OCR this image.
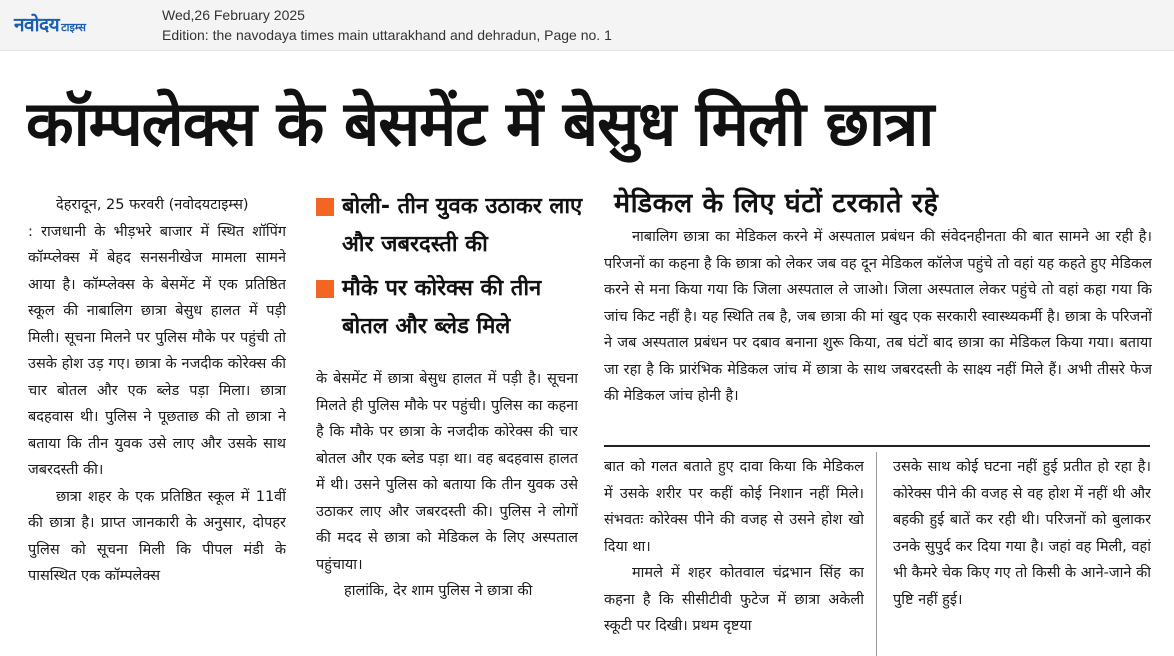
नवोदय टाइम्स
Wed,26 February 2025
Edition: the navodaya times main uttarakhand and dehradun, Page no. 1
कॉम्पलेक्स के बेसमेंट में बेसुध मिली छात्रा

देहरादून, 25 फरवरी (नवोदयटाइम्स)

: राजधानी के भीड़भरे बाजार में स्थित शॉपिंग कॉम्प्लेक्स में बेहद सनसनीखेज मामला सामने आया है। कॉम्प्लेक्स के बेसमेंट में एक प्रतिष्ठित स्कूल की नाबालिग छात्रा बेसुध हालत में पड़ी मिली। सूचना मिलने पर पुलिस मौके पर पहुंची तो उसके होश उड़ गए। छात्रा के नजदीक कोरेक्स की चार बोतल और एक ब्लेड पड़ा मिला। छात्रा बदहवास थी। पुलिस ने पूछताछ की तो छात्रा ने बताया कि तीन युवक उसे लाए और उसके साथ जबरदस्ती की।

छात्रा शहर के एक प्रतिष्ठित स्कूल में 11वीं की छात्रा है। प्राप्त जानकारी के अनुसार, दोपहर पुलिस को सूचना मिली कि पीपल मंडी के पासस्थित एक कॉम्पलेक्स

बोली- तीन युवक उठाकर लाए और जबरदस्ती की
मौके पर कोरेक्स की तीन बोतल और ब्लेड मिले

के बेसमेंट में छात्रा बेसुध हालत में पड़ी है। सूचना मिलते ही पुलिस मौके पर पहुंची। पुलिस का कहना है कि मौके पर छात्रा के नजदीक कोरेक्स की चार बोतल और एक ब्लेड पड़ा था। वह बदहवास हालत में थी। उसने पुलिस को बताया कि तीन युवक उसे उठाकर लाए और जबरदस्ती की। पुलिस ने लोगों की मदद से छात्रा को मेडिकल के लिए अस्पताल पहुंचाया।

हालांकि, देर शाम पुलिस ने छात्रा की

मेडिकल के लिए घंटों टरकाते रहे

नाबालिग छात्रा का मेडिकल करने में अस्पताल प्रबंधन की संवेदनहीनता की बात सामने आ रही है। परिजनों का कहना है कि छात्रा को लेकर जब वह दून मेडिकल कॉलेज पहुंचे तो वहां यह कहते हुए मेडिकल करने से मना किया गया कि जिला अस्पताल ले जाओ। जिला अस्पताल लेकर पहुंचे तो वहां कहा गया कि जांच किट नहीं है। यह स्थिति तब है, जब छात्रा की मां खुद एक सरकारी स्वास्थ्यकर्मी है। छात्रा के परिजनों ने जब अस्पताल प्रबंधन पर दबाव बनाना शुरू किया, तब घंटों बाद छात्रा का मेडिकल किया गया। बताया जा रहा है कि प्रारंभिक मेडिकल जांच में छात्रा के साथ जबरदस्ती के साक्ष्य नहीं मिले हैं। अभी तीसरे फेज की मेडिकल जांच होनी है।

बात को गलत बताते हुए दावा किया कि मेडिकल में उसके शरीर पर कहीं कोई निशान नहीं मिले। संभवतः कोरेक्स पीने की वजह से उसने होश खो दिया था।

मामले में शहर कोतवाल चंद्रभान सिंह का कहना है कि सीसीटीवी फुटेज में छात्रा अकेली स्कूटी पर दिखी। प्रथम दृष्टया

उसके साथ कोई घटना नहीं हुई प्रतीत हो रहा है। कोरेक्स पीने की वजह से वह होश में नहीं थी और बहकी हुई बातें कर रही थी। परिजनों को बुलाकर उनके सुपुर्द कर दिया गया है। जहां वह मिली, वहां भी कैमरे चेक किए गए तो किसी के आने-जाने की पुष्टि नहीं हुई।
